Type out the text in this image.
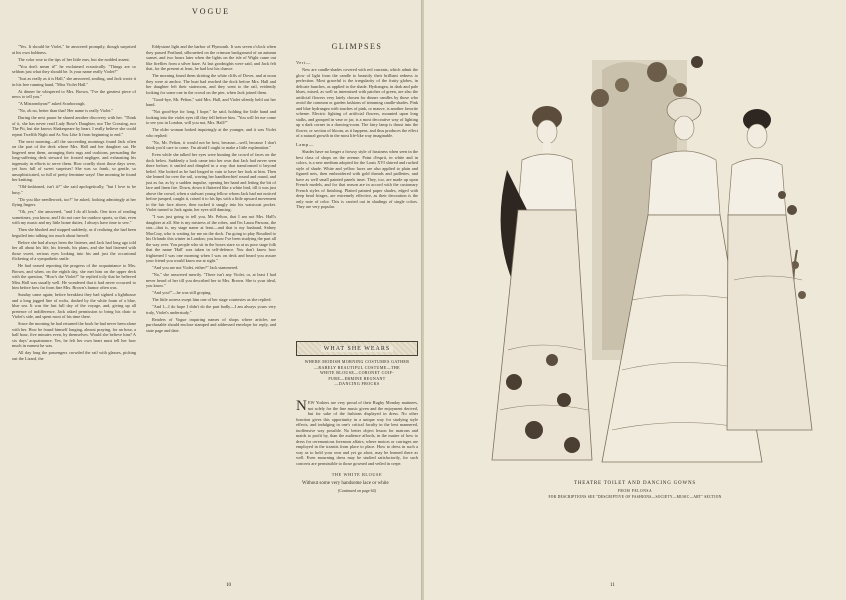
VOGUE

"Yes. It should be Violet," he answered promptly, though surprised at his own boldness.

The color rose to the tips of her little ears, but she nodded assent.

"You don't mean it!" he exclaimed ecstatically. "Things are so seldom just what they should be. Is your name really Violet?"

"Just as really as it is Hall," she answered, smiling, and Jack wrote it in his free running hand, "Miss Violet Hall."

At dinner he whispered to Mrs. Brown, "I've the greatest piece of news to tell you."

"A Mistrombyan?" asked Scarborough.

"No, oh no, better than that! Her name is really Violet."

During the next pause he shared another discovery with her. "Think of it, she has never read Lady Rose's Daughter, nor The Crossing, nor The Pit, but she knows Shakespeare by heart. I really believe she could repeat Twelfth Night and As You Like It from beginning to end."

The next morning—all the succeeding mornings found Jack often on the part of the deck where Mrs. Hall and her daughter sat. He lingered near them, arranging their rugs and cushions, persuading the long-suffering deck steward for frosted negligee, and exhausting his ingenuity in efforts to serve them. How cruelly short those days were, yet how full of sweet surprises! She was so frank, so gentle, so unsophisticated, so full of pretty feminine ways! One morning he found her knitting.

"Old-fashioned, isn't it?" she said apologetically, "but I love to be busy."

"Do you like needlework, too?" he asked, looking admiringly at her flying fingers.

"Oh, yes," she answered, "and I do all kinds. One tires of reading sometimes, you know, and I do not care for outdoor sports, so that, even with my music and my little home duties, I always have time to sew."

Then she blushed and stopped suddenly, as if realizing she had been beguiled into talking too much about herself.

Before she had always been the listener, and Jack had long ago told her all about his life, his friends, his plans, and she had listened with those sweet, serious eyes looking into his and just the occasional flickering of a sympathetic smile.

He had ceased reporting the progress of the acquaintance to Mrs. Brown, and when, on the eighth day, she met him on the upper deck with the question, "How's the Violet?" he replied icily that he believed Miss Hall was usually well. He wondered that it had never occurred to him before how far from fine Mrs. Brown's humor often was.

Sunday came again; before breakfast they had sighted a lighthouse and a long jagged line of rocks, dashed by the white foam of a blue, blue sea. It was the last full day of the voyage, and, giving up all pretence of indifference, Jack asked permission to bring his chair to Violet's side, and spent most of his time there.

Since the morning he had returned the book he had never been alone with her. How he found himself longing, almost praying, for an hour, a half hour, five minutes even, by themselves. Would she believe him? A six days' acquaintance. Yes, he felt her own heart must tell her how much in earnest he was.

All day long the passengers crowded the rail with glasses, picking out the Lizard, the

Eddystone light and the harbor of Plymouth. It was seven o'clock when they passed Portland, silhouetted on the crimson background of an autumn sunset, and two hours later when the lights on the isle of Wight came out like fireflies from a silver haze. At last goodnights were said, and Jack felt that, for the present at least, he had lost his chance.

The morning found them skirting the white cliffs of Dover, and at noon they were at anchor. The boat had reached the dock before Mrs. Hall and her daughter left their stateroom, and they went to the rail, evidently looking for some one in the crowd on the pier, when Jack joined them.

"Good-bye, Mr. Pelton," said Mrs. Hall, and Violet silently held out her hand.

"Not good-bye for long, I hope," he said, holding the little hand and looking into the violet eyes till they fell before him. "You will let me come to see you in London, will you not, Mrs. Hall?"

The older woman looked inquiringly at the younger, and it was Violet who replied:

"No, Mr. Pelton, it would not be best, because—well, because I don't think you'd care to come. I'm afraid I ought to make a little explanation."

Even while she talked her eyes were hunting the crowd of faces on the dock below. Suddenly a look came into her own that Jack had never seen there before; it smiled and dimpled in a way that transformed it beyond belief. She looked as he had longed in vain to have her look at him. Then she leaned far over the rail, waving her handkerchief round and round, and just as far, as by a sudden impulse, opening her hand and letting the bit of lace and linen fire. Down, down it fluttered like a white bird, till it was just above the crowd, when a stalwart young fellow whom Jack had not noticed before jumped, caught it, raised it to his lips with a little upward movement to the fair face above, then tucked it snugly into his waistcoat pocket. Violet turned to Jack again, her eyes still dancing.

"I was just going to tell you, Mr. Pelton, that I am not Mrs. Hall's daughter at all. She is my mistress of the robes, and I'm Laura Parsons, the star—that is, my stage name at least—and that is my husband, Sidney MacCray, who is waiting for me on the dock. I'm going to play Rosalind to his Orlando this winter in London; you know I've been studying the part all the way over. You people who sit in the boxes stare so at us poor stage folk that the name 'Hall' was taken in self-defence. You don't know how frightened I was one morning when I was on deck and heard you assure your friend you would know me at sight."

"And you are not Violet, either?" Jack stammered.

"No," she answered merrily. "There isn't any Violet, or, at least I had never heard of her till you described her to Mrs. Brown. She is your ideal, you know."

"And you?"—he was still groping.

The little actress swept him one of her stage courtesies as she replied:

"And I—I do hope I didn't do the part badly—I am always yours very truly, Violet's understudy."

Readers of Vogue inquiring names of shops where articles are purchasable should enclose stamped and addressed envelope for reply, and state page and date.

GLIMPSES
Vert—

New are candle-shades covered with red currants, which admit the glow of light from the candle to beautify their brilliant redness to perfection. Most graceful is the irregularity of the fruity globes, in delicate bunches, as applied to the shade. Hydrangea, in dark and pale blues, mixed, as well as intermixed with patches of green, are also the artificial flowers very lately chosen for dinner candles by those who avoid the common or garden fashions of trimming candle-shades. Pink and blue hydrangea with touches of pink, or mauve, is another favorite scheme. Electric lighting of artificial flowers, mounted upon long stalks, and grouped in vase or jar, is a most decorative way of lighting up a dark corner in a drawing-room. The fairy lamp is thrust into the flower, or section of bloom, as it happens, and thus produces the effect of a natural growth in the most life-like way imaginable.

Lamp—

Shades have no longer a frowsy style of fussiness when seen in the best class of shops on the avenue. Point d'esprit, in white and in colors, is a new medium adopted for the Louis XVI shirred and ruched style of shade. White and yellow laces are also applied to plain and figured nets, then embroidered with gold threads and paillettes, and have as well small painted panels inset. They, too, are made up upon French models, and for that reason are in accord with the customary French styles of finishing. Plaited painted paper shades, edged with deep bead fringes, are extremely effective, as their decoration is the only note of color. This is carried out in shadings of single colors. They are very popular.

WHAT SHE WEARS
WHERE MODISH MORNING COSTUMES GATHER
—RARELY BEAUTIFUL COSTUME—THE
WHITE BLOUSE—CORONET COIF-
FURE—ERMINE REGNANT
—DANCING FROCKS
NEW Yorkers are very proud of their Rugby Monday matinees, not solely for the fine music given and the enjoyment derived, but for sake of the fashions displayed in dress. No other function gives this opportunity in a unique way for studying style effects, and indulging in one's critical faculty in the best mannered, inoffensive way possible. No better object lesson for matrons and maids to profit by, than the audience affords, in the matter of how to dress for ceremonious forenoon affairs, where motors or carriages are employed in the transits from place to place. How to dress in such a way as to hold your own and yet go afoot, may be learned there as well. Even mourning dress may be studied satisfactorily, for such concerts are permissible to those gowned and veiled in crepe.
THE WHITE BLOUSE

Without some very handsome lace or white

(Continued on page 64)
10
THEATRE TOILET AND DANCING GOWNS
FROM PELONSA
FOR DESCRIPTIONS SEE "DESCRIPTIVE OF FASHIONS—SOCIETY—MUSIC—ART" SECTION
11
